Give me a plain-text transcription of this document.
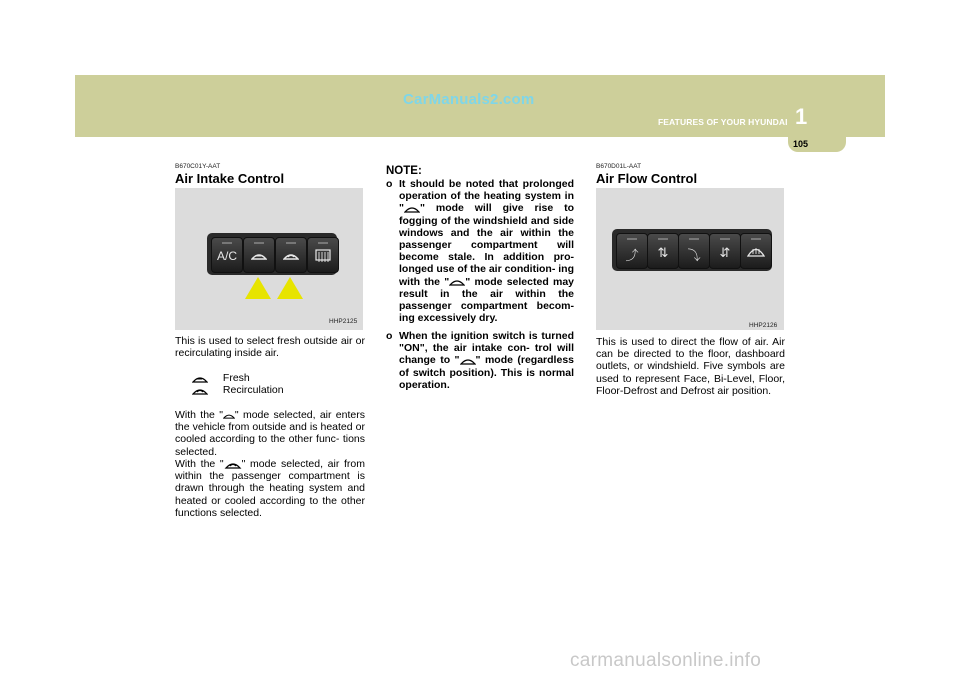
CarManuals2.com
1
FEATURES OF YOUR HYUNDAI
105
B670C01Y-AAT
Air Intake Control
A/C
HHP2125
This is used to select fresh outside air or recirculating inside air.
Fresh
Recirculation
With the " " mode selected, air enters the vehicle from outside and is heated or cooled according to the other func- tions selected.
With the " " mode selected, air from within the passenger compartment is drawn through the heating system and heated or cooled according to the other functions selected.
NOTE:
o It should be noted that prolonged operation of the heating system in " " mode will give rise to fogging of the windshield and side windows and the air within the passenger compartment will become stale. In addition pro- longed use of the air condition- ing with the " " mode selected may result in the air within the passenger compartment becom- ing excessively dry.
o When the ignition switch is turned "ON", the air intake con- trol will change to " " mode (regardless of switch position). This is normal operation.
B670D01L-AAT
Air Flow Control
⤴	⇅	⤵	⇵
HHP2126
This is used to direct the flow of air. Air can be directed to the floor, dashboard outlets, or windshield. Five symbols are used to represent Face, Bi-Level, Floor, Floor-Defrost and Defrost air position.
carmanualsonline.info
